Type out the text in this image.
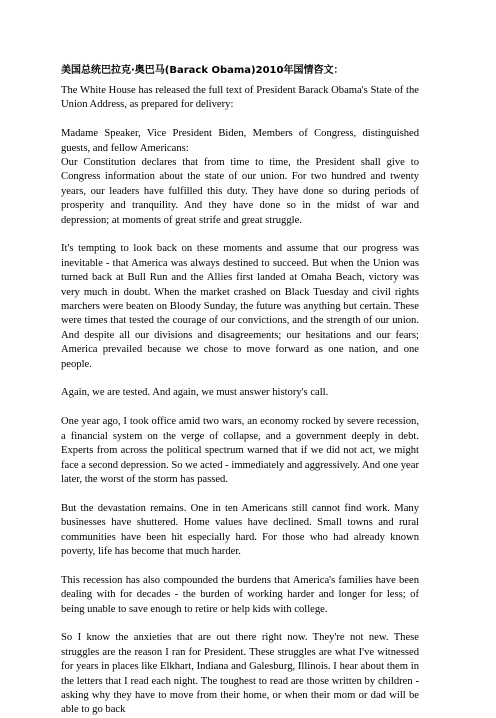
美国总统巴拉克·奥巴马(Barack Obama)2010年国情咨文：

The White House has released the full text of President Barack Obama's State of the Union Address, as prepared for delivery:

Madame Speaker, Vice President Biden, Members of Congress, distinguished guests, and fellow Americans:

Our Constitution declares that from time to time, the President shall give to Congress information about the state of our union. For two hundred and twenty years, our leaders have fulfilled this duty. They have done so during periods of prosperity and tranquility. And they have done so in the midst of war and depression; at moments of great strife and great struggle.

It's tempting to look back on these moments and assume that our progress was inevitable - that America was always destined to succeed. But when the Union was turned back at Bull Run and the Allies first landed at Omaha Beach, victory was very much in doubt. When the market crashed on Black Tuesday and civil rights marchers were beaten on Bloody Sunday, the future was anything but certain. These were times that tested the courage of our convictions, and the strength of our union. And despite all our divisions and disagreements; our hesitations and our fears; America prevailed because we chose to move forward as one nation, and one people.

Again, we are tested. And again, we must answer history's call.

One year ago, I took office amid two wars, an economy rocked by severe recession, a financial system on the verge of collapse, and a government deeply in debt. Experts from across the political spectrum warned that if we did not act, we might face a second depression. So we acted - immediately and aggressively. And one year later, the worst of the storm has passed.

But the devastation remains. One in ten Americans still cannot find work. Many businesses have shuttered. Home values have declined. Small towns and rural communities have been hit especially hard. For those who had already known poverty, life has become that much harder.

This recession has also compounded the burdens that America's families have been dealing with for decades - the burden of working harder and longer for less; of being unable to save enough to retire or help kids with college.

So I know the anxieties that are out there right now. They're not new. These struggles are the reason I ran for President. These struggles are what I've witnessed for years in places like Elkhart, Indiana and Galesburg, Illinois. I hear about them in the letters that I read each night. The toughest to read are those written by children - asking why they have to move from their home, or when their mom or dad will be able to go back
